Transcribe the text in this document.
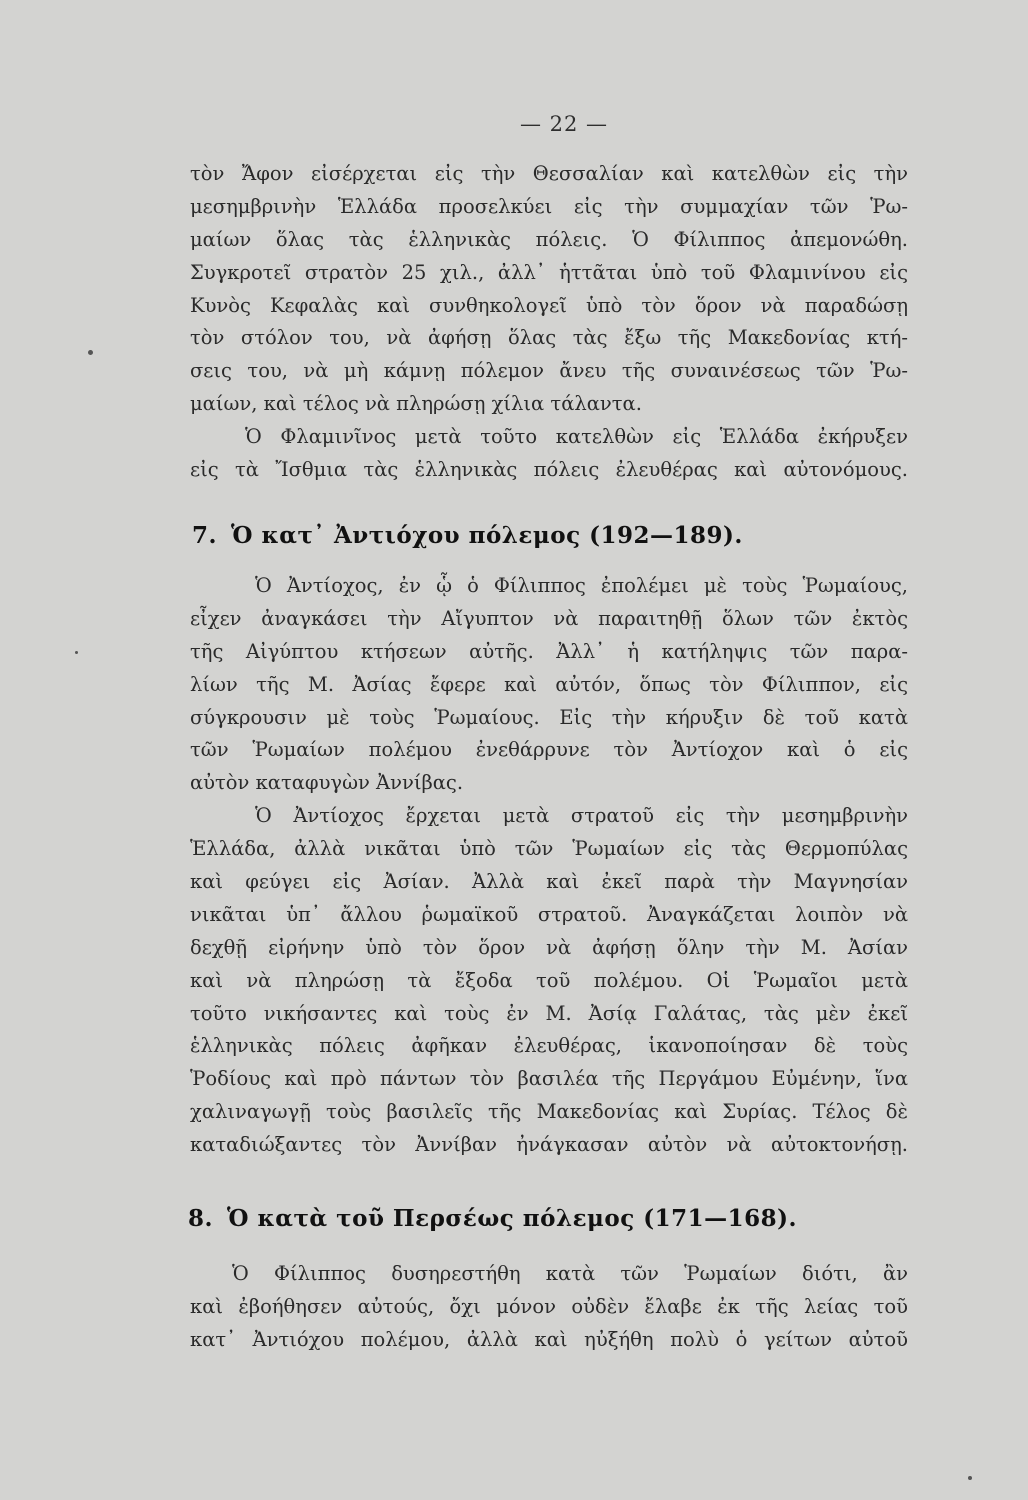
— 22 —
τὸν Ἄφον εἰσέρχεται εἰς τὴν Θεσσαλίαν καὶ κατελθὼν εἰς τὴν
μεσημβρινὴν Ἑλλάδα προσελκύει εἰς τὴν συμμαχίαν τῶν Ῥω-
μαίων ὅλας τὰς ἑλληνικὰς πόλεις. Ὁ Φίλιππος ἀπεμονώθη.
Συγκροτεῖ στρατὸν 25 χιλ., ἀλλ᾽ ἡττᾶται ὑπὸ τοῦ Φλαμινίνου εἰς
Κυνὸς Κεφαλὰς καὶ συνθηκολογεῖ ὑπὸ τὸν ὅρον νὰ παραδώσῃ
τὸν στόλον του, νὰ ἀφήσῃ ὅλας τὰς ἔξω τῆς Μακεδονίας κτή-
σεις του, νὰ μὴ κάμνῃ πόλεμον ἄνευ τῆς συναινέσεως τῶν Ῥω-
μαίων, καὶ τέλος νὰ πληρώσῃ χίλια τάλαντα.
Ὁ Φλαμινῖνος μετὰ τοῦτο κατελθὼν εἰς Ἑλλάδα ἐκήρυξεν
εἰς τὰ Ἴσθμια τὰς ἑλληνικὰς πόλεις ἐλευθέρας καὶ αὐτονόμους.
7. Ὁ κατ᾽ Ἀντιόχου πόλεμος (192—189).
Ὁ Ἀντίοχος, ἐν ᾧ ὁ Φίλιππος ἐπολέμει μὲ τοὺς Ῥωμαίους,
εἶχεν ἀναγκάσει τὴν Αἴγυπτον νὰ παραιτηθῇ ὅλων τῶν ἐκτὸς
τῆς Αἰγύπτου κτήσεων αὐτῆς. Ἀλλ᾽ ἡ κατήληψις τῶν παρα-
λίων τῆς Μ. Ἀσίας ἔφερε καὶ αὐτόν, ὅπως τὸν Φίλιππον, εἰς
σύγκρουσιν μὲ τοὺς Ῥωμαίους. Εἰς τὴν κήρυξιν δὲ τοῦ κατὰ
τῶν Ῥωμαίων πολέμου ἐνεθάρρυνε τὸν Ἀντίοχον καὶ ὁ εἰς
αὐτὸν καταφυγὼν Ἀννίβας.
Ὁ Ἀντίοχος ἔρχεται μετὰ στρατοῦ εἰς τὴν μεσημβρινὴν
Ἑλλάδα, ἀλλὰ νικᾶται ὑπὸ τῶν Ῥωμαίων εἰς τὰς Θερμοπύλας
καὶ φεύγει εἰς Ἀσίαν. Ἀλλὰ καὶ ἐκεῖ παρὰ τὴν Μαγνησίαν
νικᾶται ὑπ᾽ ἄλλου ῥωμαϊκοῦ στρατοῦ. Ἀναγκάζεται λοιπὸν νὰ
δεχθῇ εἰρήνην ὑπὸ τὸν ὅρον νὰ ἀφήσῃ ὅλην τὴν Μ. Ἀσίαν
καὶ νὰ πληρώσῃ τὰ ἔξοδα τοῦ πολέμου. Οἱ Ῥωμαῖοι μετὰ
τοῦτο νικήσαντες καὶ τοὺς ἐν Μ. Ἀσίᾳ Γαλάτας, τὰς μὲν ἐκεῖ
ἑλληνικὰς πόλεις ἀφῆκαν ἐλευθέρας, ἱκανοποίησαν δὲ τοὺς
Ῥοδίους καὶ πρὸ πάντων τὸν βασιλέα τῆς Περγάμου Εὐμένην, ἵνα
χαλιναγωγῇ τοὺς βασιλεῖς τῆς Μακεδονίας καὶ Συρίας. Τέλος δὲ
καταδιώξαντες τὸν Ἀννίβαν ἠνάγκασαν αὐτὸν νὰ αὐτοκτονήσῃ.
8. Ὁ κατὰ τοῦ Περσέως πόλεμος (171—168).
Ὁ Φίλιππος δυσηρεστήθη κατὰ τῶν Ῥωμαίων διότι, ἂν
καὶ ἐβοήθησεν αὐτούς, ὄχι μόνον οὐδὲν ἔλαβε ἐκ τῆς λείας τοῦ
κατ᾽ Ἀντιόχου πολέμου, ἀλλὰ καὶ ηὐξήθη πολὺ ὁ γείτων αὐτοῦ
